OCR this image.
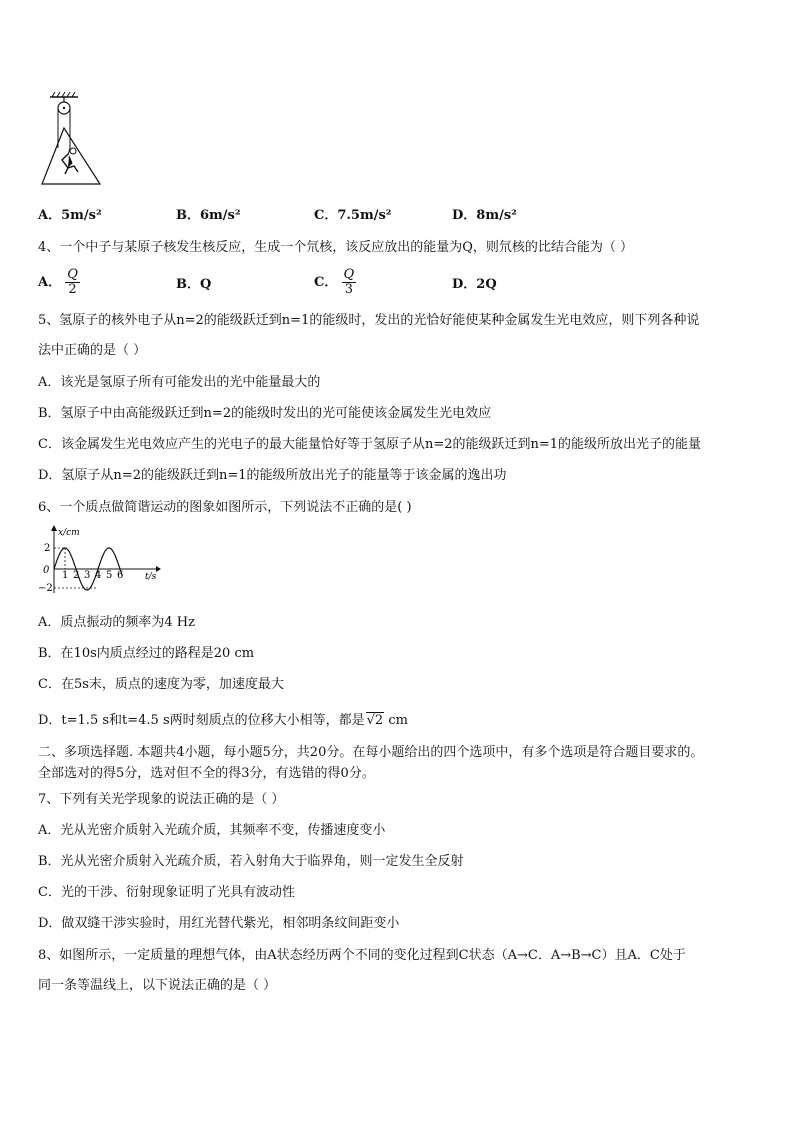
A．5m/s²	B．6m/s²	C．7.5m/s²	D．8m/s²
4、一个中子与某原子核发生核反应，生成一个氘核，该反应放出的能量为Q，则氘核的比结合能为（ ）
A． $\frac{Q}{2}$	B．Q	C． $\frac{Q}{3}$	D．2Q
5、氢原子的核外电子从n=2的能级跃迁到n=1的能级时，发出的光恰好能使某种金属发生光电效应，则下列各种说
法中正确的是（ ）
A．该光是氢原子所有可能发出的光中能量最大的
B．氢原子中由高能级跃迁到n=2的能级时发出的光可能使该金属发生光电效应
C．该金属发生光电效应产生的光电子的最大能量恰好等于氢原子从n=2的能级跃迁到n=1的能级所放出光子的能量
D．氢原子从n=2的能级跃迁到n=1的能级所放出光子的能量等于该金属的逸出功
6、一个质点做简谐运动的图象如图所示，下列说法不正确的是( )
x/cm
2
0
−2
1 2 3 4 5 6 t/s
A．质点振动的频率为4 Hz
B．在10s内质点经过的路程是20 cm
C．在5s末，质点的速度为零，加速度最大
D．t=1.5 s和t=4.5 s两时刻质点的位移大小相等，都是 √2 cm
二、多项选择题. 本题共4小题，每小题5分，共20分。在每小题给出的四个选项中，有多个选项是符合题目要求的。
全部选对的得5分，选对但不全的得3分，有选错的得0分。
7、下列有关光学现象的说法正确的是（ ）
A．光从光密介质射入光疏介质，其频率不变，传播速度变小
B．光从光密介质射入光疏介质，若入射角大于临界角，则一定发生全反射
C．光的干涉、衍射现象证明了光具有波动性
D．做双缝干涉实验时，用红光替代紫光，相邻明条纹间距变小
8、如图所示，一定质量的理想气体，由A状态经历两个不同的变化过程到C状态（A→C．A→B→C）且A．C处于
同一条等温线上，以下说法正确的是（ ）
